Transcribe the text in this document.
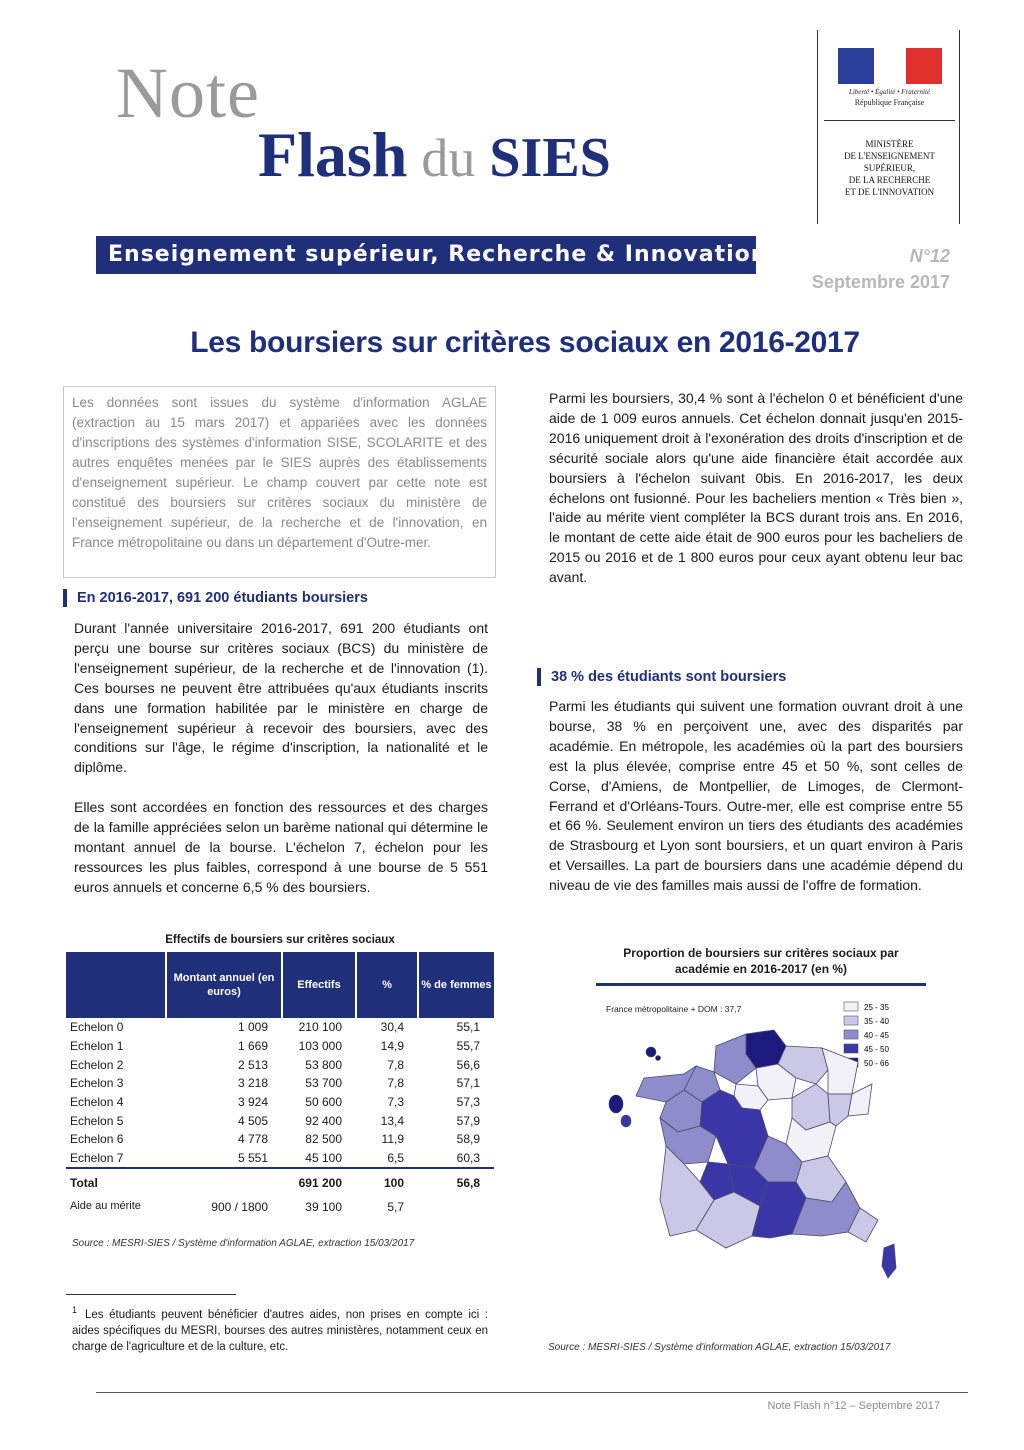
Note
Flash du SIES
Liberté • Égalité • Fraternité
République Française
MINISTÈRE
DE L'ENSEIGNEMENT
SUPÉRIEUR,
DE LA RECHERCHE
ET DE L'INNOVATION
Enseignement supérieur, Recherche & Innovation	N°12
Septembre 2017
Les boursiers sur critères sociaux en 2016-2017
Les données sont issues du système d'information AGLAE (extraction au 15 mars 2017) et appariées avec les données d'inscriptions des systèmes d'information SISE, SCOLARITE et des autres enquêtes menées par le SIES auprès des établissements d'enseignement supérieur. Le champ couvert par cette note est constitué des boursiers sur critères sociaux du ministère de l'enseignement supérieur, de la recherche et de l'innovation, en France métropolitaine ou dans un département d'Outre-mer.
En 2016-2017, 691 200 étudiants boursiers
Durant l'année universitaire 2016-2017, 691 200 étudiants ont perçu une bourse sur critères sociaux (BCS) du ministère de l'enseignement supérieur, de la recherche et de l'innovation (1). Ces bourses ne peuvent être attribuées qu'aux étudiants inscrits dans une formation habilitée par le ministère en charge de l'enseignement supérieur à recevoir des boursiers, avec des conditions sur l'âge, le régime d'inscription, la nationalité et le diplôme.
Elles sont accordées en fonction des ressources et des charges de la famille appréciées selon un barème national qui détermine le montant annuel de la bourse. L'échelon 7, échelon pour les ressources les plus faibles, correspond à une bourse de 5 551 euros annuels et concerne 6,5 % des boursiers.
Effectifs de boursiers sur critères sociaux
	Montant annuel (en euros)	Effectifs	%	% de femmes
Echelon 0	1 009	210 100	30,4	55,1
Echelon 1	1 669	103 000	14,9	55,7
Echelon 2	2 513	53 800	7,8	56,6
Echelon 3	3 218	53 700	7,8	57,1
Echelon 4	3 924	50 600	7,3	57,3
Echelon 5	4 505	92 400	13,4	57,9
Echelon 6	4 778	82 500	11,9	58,9
Echelon 7	5 551	45 100	6,5	60,3
Total		691 200	100	56,8
Aide au mérite	900 / 1800	39 100	5,7	
Source : MESRI-SIES / Système d'information AGLAE, extraction 15/03/2017
$^1$ Les étudiants peuvent bénéficier d'autres aides, non prises en compte ici : aides spécifiques du MESRI, bourses des autres ministères, notamment ceux en charge de l'agriculture et de la culture, etc.
Parmi les boursiers, 30,4 % sont à l'échelon 0 et bénéficient d'une aide de 1 009 euros annuels. Cet échelon donnait jusqu'en 2015-2016 uniquement droit à l'exonération des droits d'inscription et de sécurité sociale alors qu'une aide financière était accordée aux boursiers à l'échelon suivant 0bis. En 2016-2017, les deux échelons ont fusionné. Pour les bacheliers mention « Très bien », l'aide au mérite vient compléter la BCS durant trois ans. En 2016, le montant de cette aide était de 900 euros pour les bacheliers de 2015 ou 2016 et de 1 800 euros pour ceux ayant obtenu leur bac avant.
38 % des étudiants sont boursiers
Parmi les étudiants qui suivent une formation ouvrant droit à une bourse, 38 % en perçoivent une, avec des disparités par académie. En métropole, les académies où la part des boursiers est la plus élevée, comprise entre 45 et 50 %, sont celles de Corse, d'Amiens, de Montpellier, de Limoges, de Clermont-Ferrand et d'Orléans-Tours. Outre-mer, elle est comprise entre 55 et 66 %. Seulement environ un tiers des étudiants des académies de Strasbourg et Lyon sont boursiers, et un quart environ à Paris et Versailles. La part de boursiers dans une académie dépend du niveau de vie des familles mais aussi de l'offre de formation.
Proportion de boursiers sur critères sociaux par académie en 2016-2017 (en %)
France métropolitaine + DOM : 37,7	25 - 35
35 - 40
40 - 45
45 - 50
50 - 66
Source : MESRI-SIES / Système d'information AGLAE, extraction 15/03/2017
Note Flash n°12 – Septembre 2017
